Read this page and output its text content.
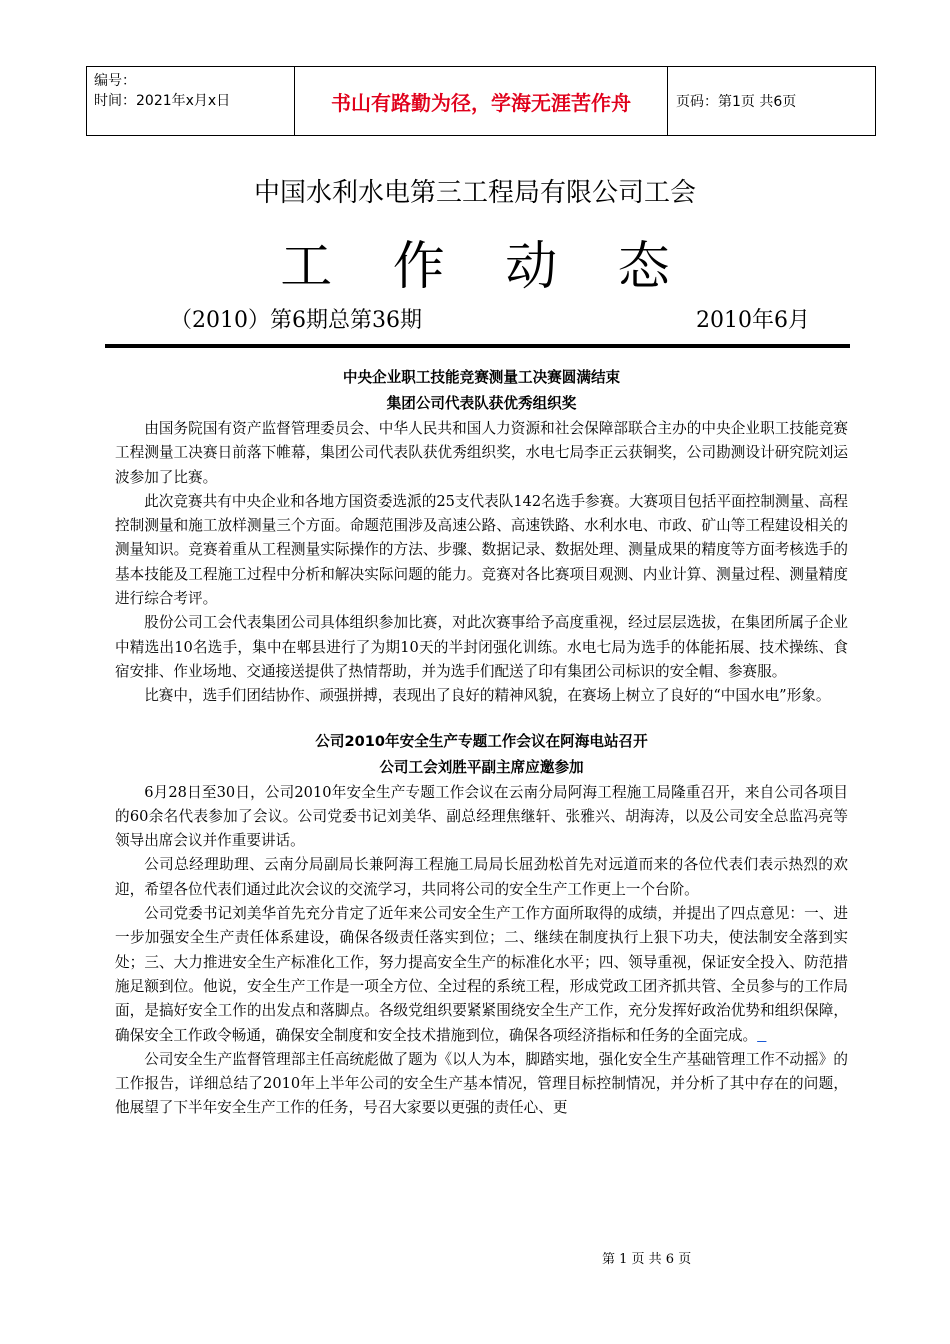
编号：
时间：2021年x月x日	书山有路勤为径，学海无涯苦作舟	页码：第1页 共6页
中国水利水电第三工程局有限公司工会
工 作 动 态
（2010）第6期总第36期	2010年6月
中央企业职工技能竞赛测量工决赛圆满结束
集团公司代表队获优秀组织奖

由国务院国有资产监督管理委员会、中华人民共和国人力资源和社会保障部联合主办的中央企业职工技能竞赛工程测量工决赛日前落下帷幕，集团公司代表队获优秀组织奖，水电七局李正云获铜奖，公司勘测设计研究院刘运波参加了比赛。

此次竞赛共有中央企业和各地方国资委选派的25支代表队142名选手参赛。大赛项目包括平面控制测量、高程控制测量和施工放样测量三个方面。命题范围涉及高速公路、高速铁路、水利水电、市政、矿山等工程建设相关的测量知识。竞赛着重从工程测量实际操作的方法、步骤、数据记录、数据处理、测量成果的精度等方面考核选手的基本技能及工程施工过程中分析和解决实际问题的能力。竞赛对各比赛项目观测、内业计算、测量过程、测量精度进行综合考评。

股份公司工会代表集团公司具体组织参加比赛，对此次赛事给予高度重视，经过层层选拔，在集团所属子企业中精选出10名选手，集中在郫县进行了为期10天的半封闭强化训练。水电七局为选手的体能拓展、技术操练、食宿安排、作业场地、交通接送提供了热情帮助，并为选手们配送了印有集团公司标识的安全帽、参赛服。

比赛中，选手们团结协作、顽强拼搏，表现出了良好的精神风貌，在赛场上树立了良好的“中国水电”形象。

公司2010年安全生产专题工作会议在阿海电站召开
公司工会刘胜平副主席应邀参加

6月28日至30日，公司2010年安全生产专题工作会议在云南分局阿海工程施工局隆重召开，来自公司各项目的60余名代表参加了会议。公司党委书记刘美华、副总经理焦继轩、张雅兴、胡海涛，以及公司安全总监冯亮等领导出席会议并作重要讲话。

公司总经理助理、云南分局副局长兼阿海工程施工局局长屈劲松首先对远道而来的各位代表们表示热烈的欢迎，希望各位代表们通过此次会议的交流学习，共同将公司的安全生产工作更上一个台阶。

公司党委书记刘美华首先充分肯定了近年来公司安全生产工作方面所取得的成绩，并提出了四点意见：一、进一步加强安全生产责任体系建设，确保各级责任落实到位；二、继续在制度执行上狠下功夫，使法制安全落到实处；三、大力推进安全生产标准化工作，努力提高安全生产的标准化水平；四、领导重视，保证安全投入、防范措施足额到位。他说，安全生产工作是一项全方位、全过程的系统工程，形成党政工团齐抓共管、全员参与的工作局面，是搞好安全工作的出发点和落脚点。各级党组织要紧紧围绕安全生产工作，充分发挥好政治优势和组织保障，确保安全工作政令畅通，确保安全制度和安全技术措施到位，确保各项经济指标和任务的全面完成。

公司安全生产监督管理部主任高统彪做了题为《以人为本，脚踏实地，强化安全生产基础管理工作不动摇》的工作报告，详细总结了2010年上半年公司的安全生产基本情况，管理目标控制情况，并分析了其中存在的问题，他展望了下半年安全生产工作的任务，号召大家要以更强的责任心、更

第 1 页 共 6 页
